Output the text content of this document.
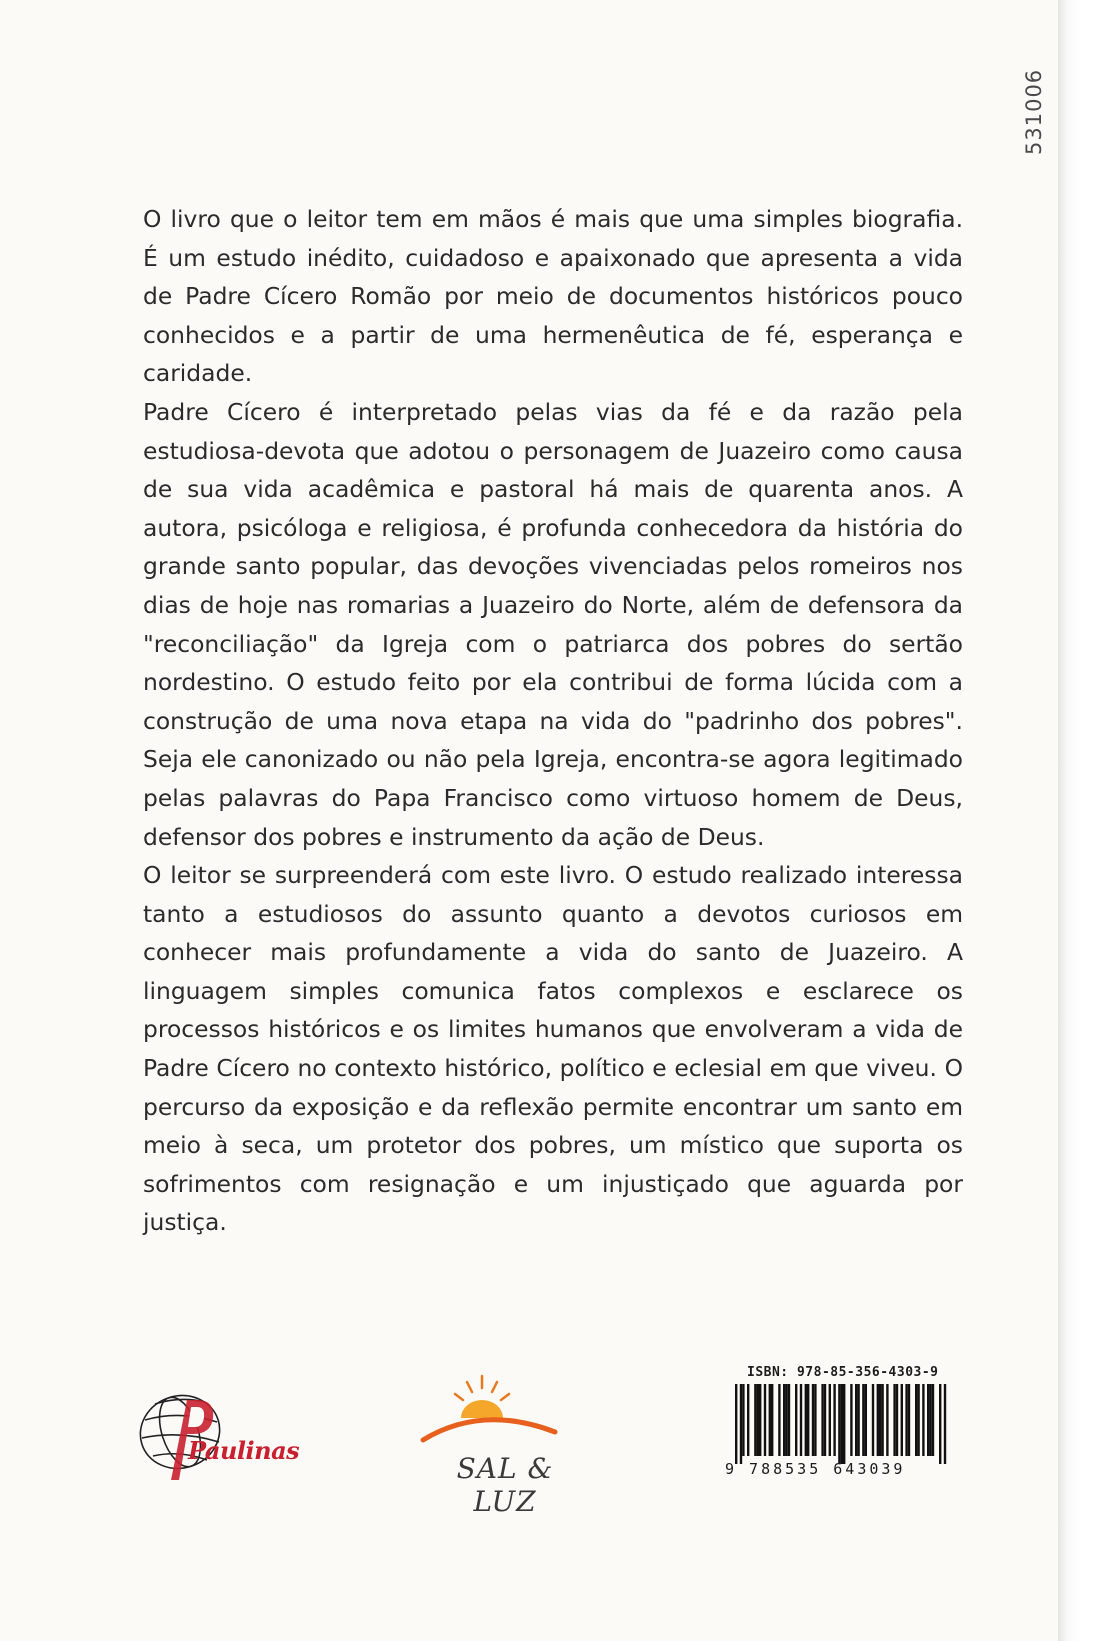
531006

O livro que o leitor tem em mãos é mais que uma simples biografia. É um estudo inédito, cuidadoso e apaixonado que apresenta a vida de Padre Cícero Romão por meio de documentos históricos pouco conhecidos e a partir de uma hermenêutica de fé, esperança e caridade.

Padre Cícero é interpretado pelas vias da fé e da razão pela estudiosa-devota que adotou o personagem de Juazeiro como causa de sua vida acadêmica e pastoral há mais de quarenta anos. A autora, psicóloga e religiosa, é profunda conhecedora da história do grande santo popular, das devoções vivenciadas pelos romeiros nos dias de hoje nas romarias a Juazeiro do Norte, além de defensora da "reconciliação" da Igreja com o patriarca dos pobres do sertão nordestino. O estudo feito por ela contribui de forma lúcida com a construção de uma nova etapa na vida do "padrinho dos pobres". Seja ele canonizado ou não pela Igreja, encontra-se agora legitimado pelas palavras do Papa Francisco como virtuoso homem de Deus, defensor dos pobres e instrumento da ação de Deus.

O leitor se surpreenderá com este livro. O estudo realizado interessa tanto a estudiosos do assunto quanto a devotos curiosos em conhecer mais profundamente a vida do santo de Juazeiro. A linguagem simples comunica fatos complexos e esclarece os processos históricos e os limites humanos que envolveram a vida de Padre Cícero no contexto histórico, político e eclesial em que viveu. O percurso da exposição e da reflexão permite encontrar um santo em meio à seca, um protetor dos pobres, um místico que suporta os sofrimentos com resignação e um injustiçado que aguarda por justiça.

Paulinas
SAL & LUZ
ISBN: 978-85-356-4303-9
9 788535 643039
